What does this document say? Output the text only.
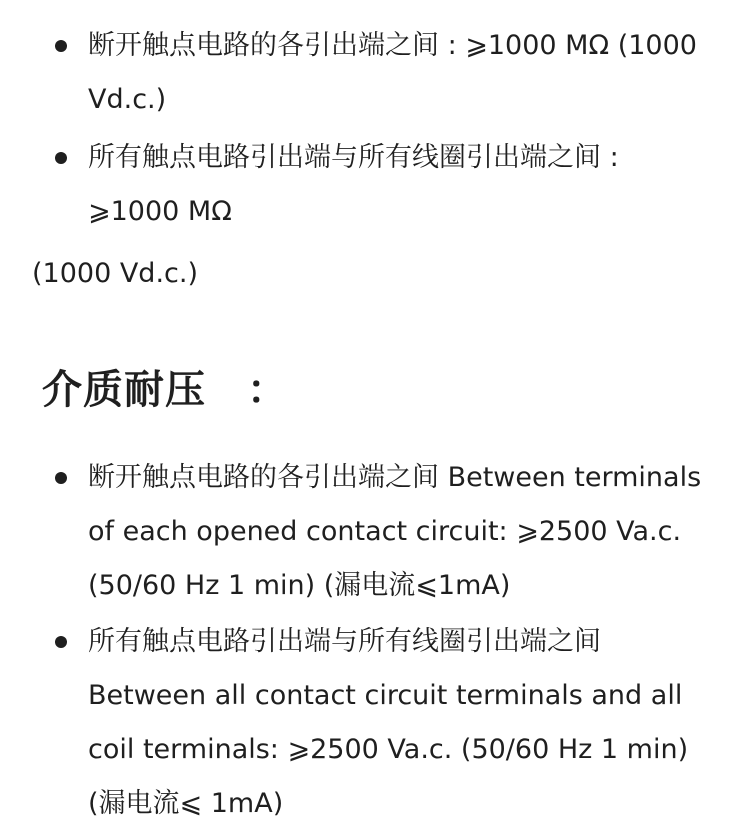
断开触点电路的各引出端之间 : ⩾1000 MΩ (1000 Vd.c.)
所有触点电路引出端与所有线圈引出端之间 : ⩾1000 MΩ

(1000 Vd.c.)

介质耐压　：
断开触点电路的各引出端之间 Between terminals of each opened contact circuit: ⩾2500 Va.c. (50/60 Hz 1 min) (漏电流⩽1mA)
所有触点电路引出端与所有线圈引出端之间 Between all contact circuit terminals and all coil terminals: ⩾2500 Va.c. (50/60 Hz 1 min) (漏电流⩽ 1mA)
